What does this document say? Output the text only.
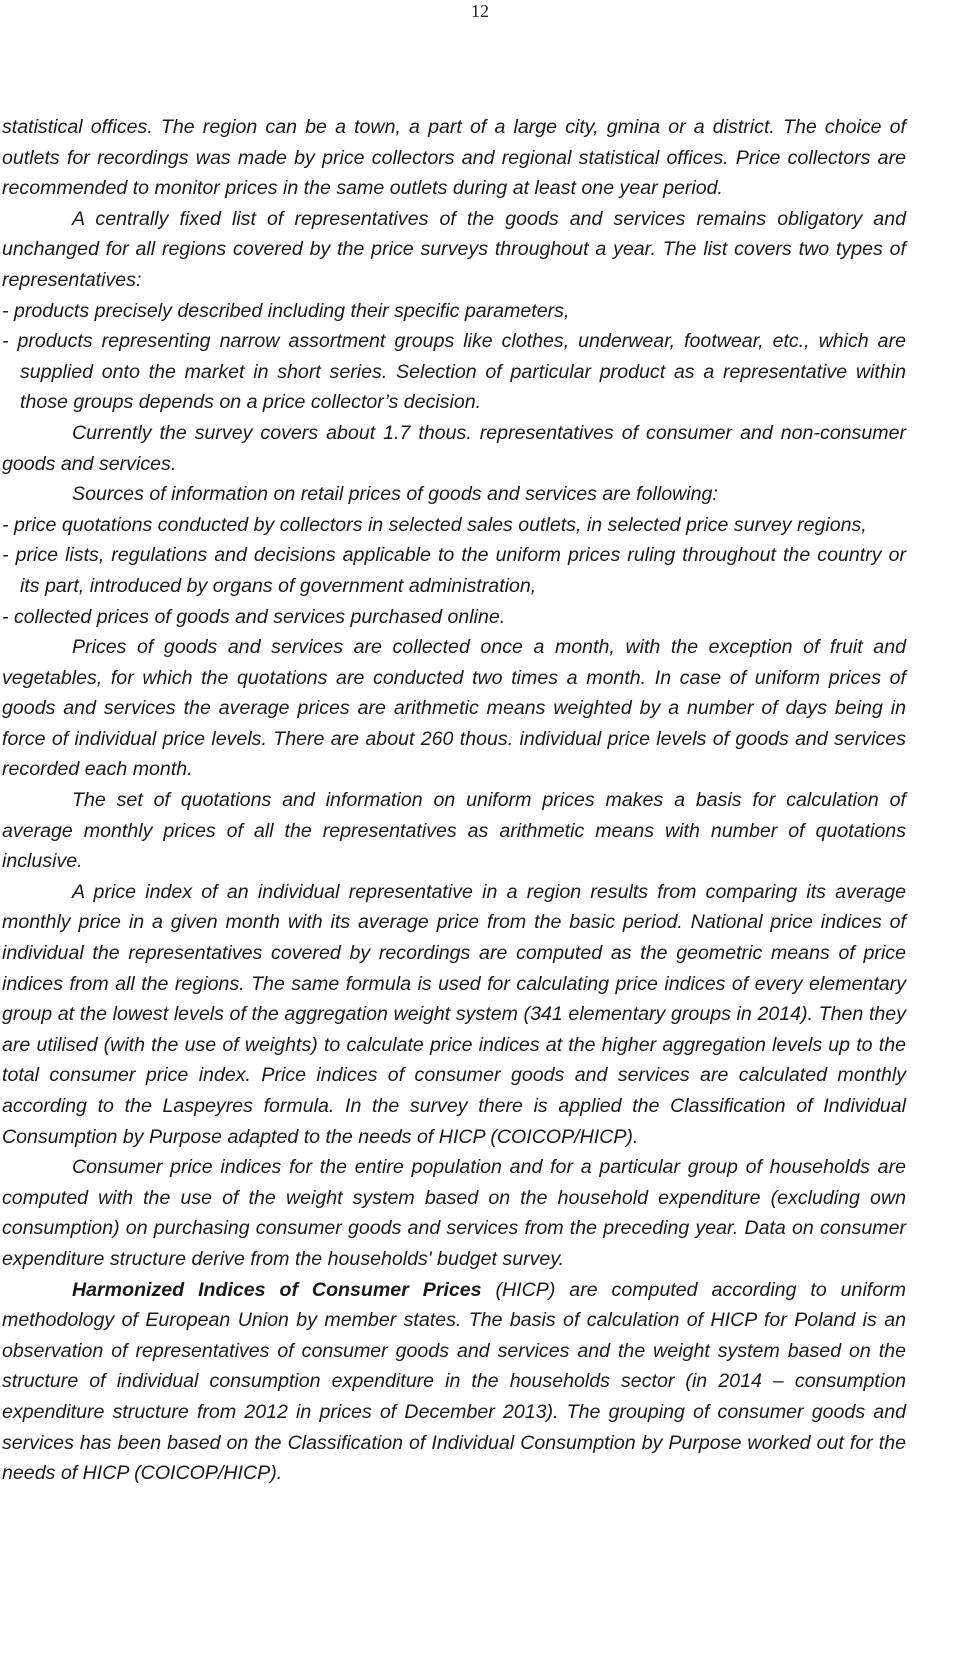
12

statistical offices. The region can be a town, a part of a large city, gmina or a district. The choice of outlets for recordings was made by price collectors and regional statistical offices. Price collectors are recommended to monitor prices in the same outlets during at least one year period.

A centrally fixed list of representatives of the goods and services remains obligatory and unchanged for all regions covered by the price surveys throughout a year. The list covers two types of representatives:

- products precisely described including their specific parameters,

- products representing narrow assortment groups like clothes, underwear, footwear, etc., which are supplied onto the market in short series. Selection of particular product as a representative within those groups depends on a price collector’s decision.

Currently the survey covers about 1.7 thous. representatives of consumer and non-consumer goods and services.

Sources of information on retail prices of goods and services are following:

- price quotations conducted by collectors in selected sales outlets, in selected price survey regions,

- price lists, regulations and decisions applicable to the uniform prices ruling throughout the country or its part, introduced by organs of government administration,

- collected prices of goods and services purchased online.

Prices of goods and services are collected once a month, with the exception of fruit and vegetables, for which the quotations are conducted two times a month. In case of uniform prices of goods and services the average prices are arithmetic means weighted by a number of days being in force of individual price levels. There are about 260 thous. individual price levels of goods and services recorded each month.

The set of quotations and information on uniform prices makes a basis for calculation of average monthly prices of all the representatives as arithmetic means with number of quotations inclusive.

A price index of an individual representative in a region results from comparing its average monthly price in a given month with its average price from the basic period. National price indices of individual the representatives covered by recordings are computed as the geometric means of price indices from all the regions. The same formula is used for calculating price indices of every elementary group at the lowest levels of the aggregation weight system (341 elementary groups in 2014). Then they are utilised (with the use of weights) to calculate price indices at the higher aggregation levels up to the total consumer price index. Price indices of consumer goods and services are calculated monthly according to the Laspeyres formula. In the survey there is applied the Classification of Individual Consumption by Purpose adapted to the needs of HICP (COICOP/HICP).

Consumer price indices for the entire population and for a particular group of households are computed with the use of the weight system based on the household expenditure (excluding own consumption) on purchasing consumer goods and services from the preceding year. Data on consumer expenditure structure derive from the households' budget survey.

Harmonized Indices of Consumer Prices (HICP) are computed according to uniform methodology of European Union by member states. The basis of calculation of HICP for Poland is an observation of representatives of consumer goods and services and the weight system based on the structure of individual consumption expenditure in the households sector (in 2014 – consumption expenditure structure from 2012 in prices of December 2013). The grouping of consumer goods and services has been based on the Classification of Individual Consumption by Purpose worked out for the needs of HICP (COICOP/HICP).
